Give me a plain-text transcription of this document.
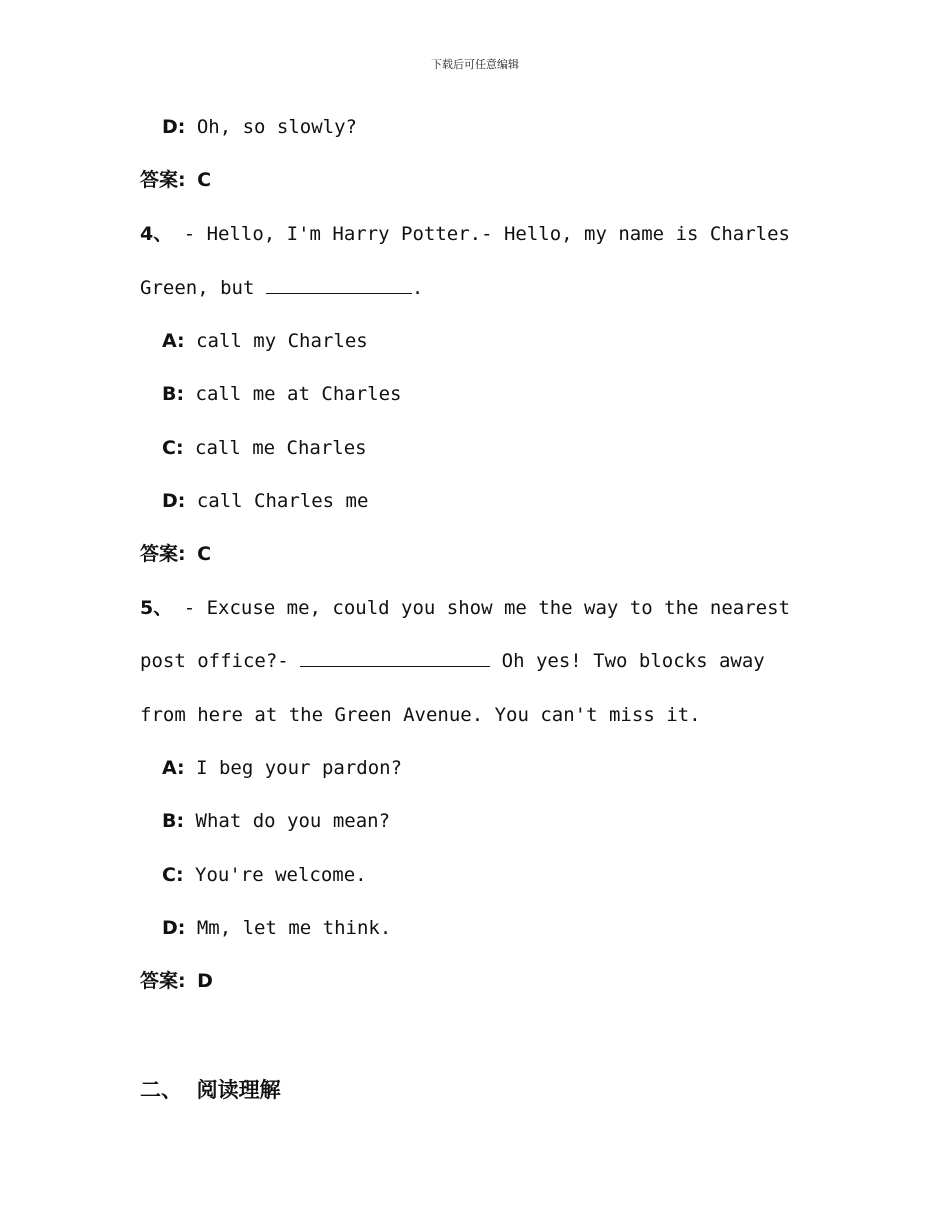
下载后可任意编辑
D: Oh, so slowly?
答案: C
4、 - Hello, I'm Harry Potter.- Hello, my name is Charles
Green, but	.
A: call my Charles
B: call me at Charles
C: call me Charles
D: call Charles me
答案: C
5、 - Excuse me, could you show me the way to the nearest
post office?-	Oh yes! Two blocks away
from here at the Green Avenue. You can't miss it.
A: I beg your pardon?
B: What do you mean?
C: You're welcome.
D: Mm, let me think.
答案: D
二、 阅读理解
